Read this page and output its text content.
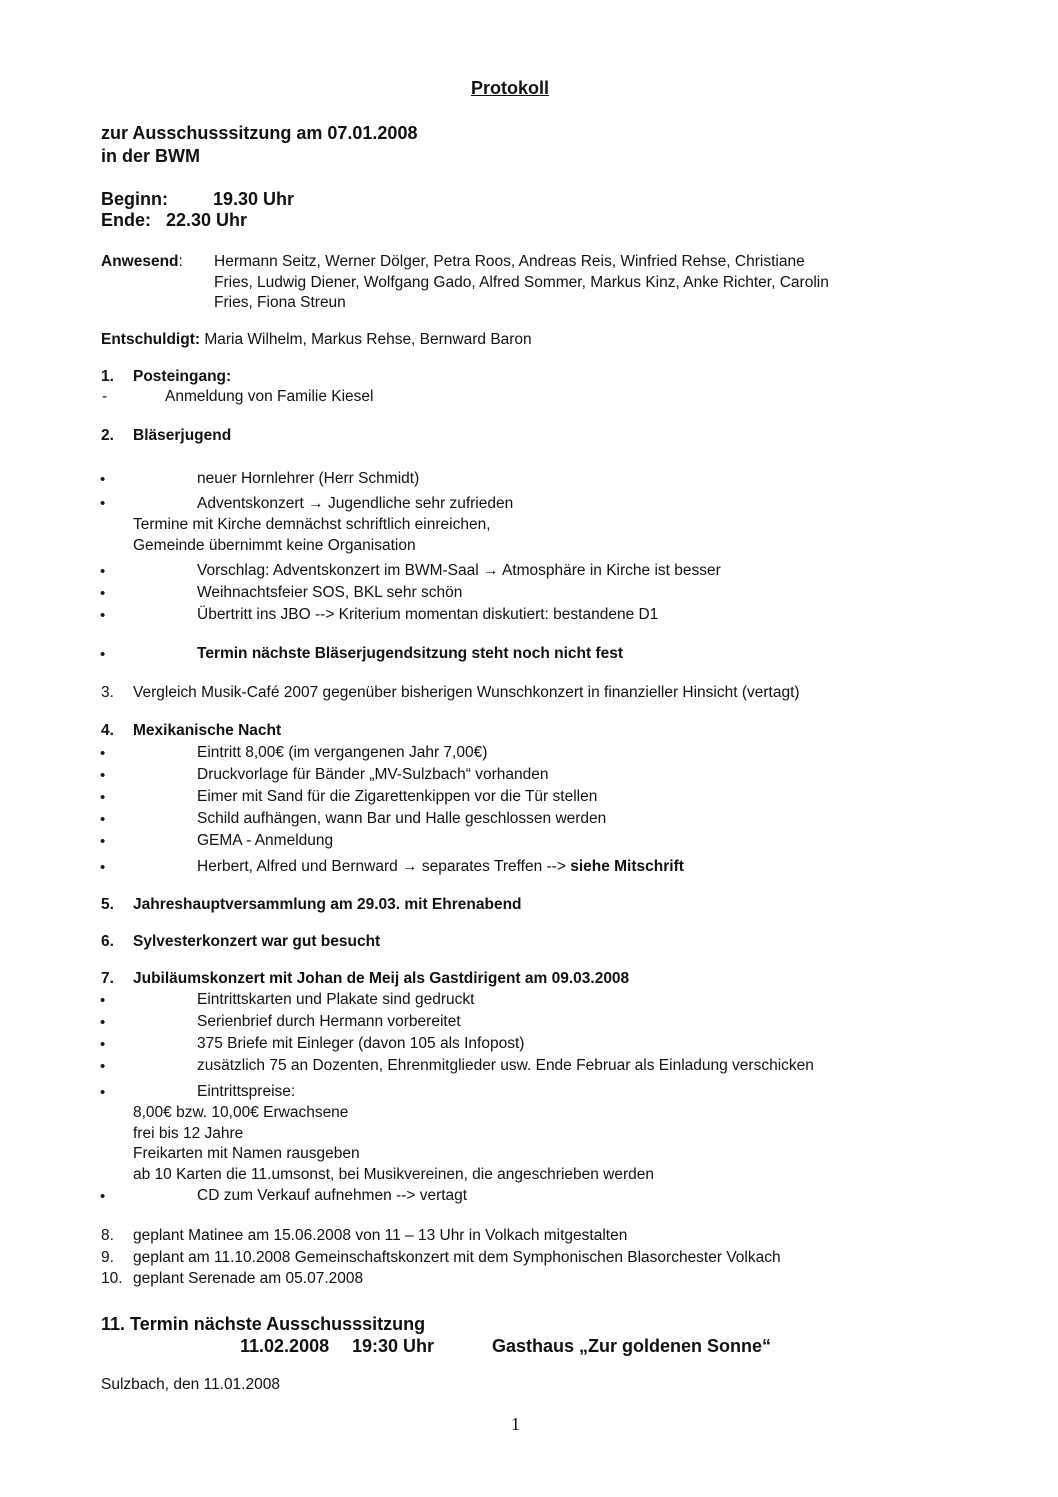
Protokoll
zur Ausschusssitzung am 07.01.2008
in der BWM
Beginn:	19.30 Uhr
Ende: 22.30 Uhr
Anwesend: Hermann Seitz, Werner Dölger, Petra Roos, Andreas Reis, Winfried Rehse, Christiane
Fries, Ludwig Diener, Wolfgang Gado, Alfred Sommer, Markus Kinz, Anke Richter, Carolin
Fries, Fiona Streun
Entschuldigt: Maria Wilhelm, Markus Rehse, Bernward Baron
1. Posteingang:
-	Anmeldung von Familie Kiesel
2. Bläserjugend
•	neuer Hornlehrer (Herr Schmidt)
•	Adventskonzert → Jugendliche sehr zufrieden
Termine mit Kirche demnächst schriftlich einreichen,
Gemeinde übernimmt keine Organisation
•	Vorschlag: Adventskonzert im BWM-Saal → Atmosphäre in Kirche ist besser
•	Weihnachtsfeier SOS, BKL sehr schön
•	Übertritt ins JBO --> Kriterium momentan diskutiert: bestandene D1
•	Termin nächste Bläserjugendsitzung steht noch nicht fest
3. Vergleich Musik-Café 2007 gegenüber bisherigen Wunschkonzert in finanzieller Hinsicht (vertagt)
4. Mexikanische Nacht
•	Eintritt 8,00€ (im vergangenen Jahr 7,00€)
•	Druckvorlage für Bänder „MV-Sulzbach“ vorhanden
•	Eimer mit Sand für die Zigarettenkippen vor die Tür stellen
•	Schild aufhängen, wann Bar und Halle geschlossen werden
•	GEMA - Anmeldung
•	Herbert, Alfred und Bernward → separates Treffen --> siehe Mitschrift
5. Jahreshauptversammlung am 29.03. mit Ehrenabend
6. Sylvesterkonzert war gut besucht
7. Jubiläumskonzert mit Johan de Meij als Gastdirigent am 09.03.2008
•	Eintrittskarten und Plakate sind gedruckt
•	Serienbrief durch Hermann vorbereitet
•	375 Briefe mit Einleger (davon 105 als Infopost)
•	zusätzlich 75 an Dozenten, Ehrenmitglieder usw. Ende Februar als Einladung verschicken
•	Eintrittspreise:
8,00€ bzw. 10,00€ Erwachsene
frei bis 12 Jahre
Freikarten mit Namen rausgeben
ab 10 Karten die 11.umsonst, bei Musikvereinen, die angeschrieben werden
•	CD zum Verkauf aufnehmen --> vertagt
8. geplant Matinee am 15.06.2008 von 11 – 13 Uhr in Volkach mitgestalten
9. geplant am 11.10.2008 Gemeinschaftskonzert mit dem Symphonischen Blasorchester Volkach
10. geplant Serenade am 05.07.2008
11. Termin nächste Ausschusssitzung
11.02.2008 19:30 Uhr	Gasthaus „Zur goldenen Sonne“
Sulzbach, den 11.01.2008
1
